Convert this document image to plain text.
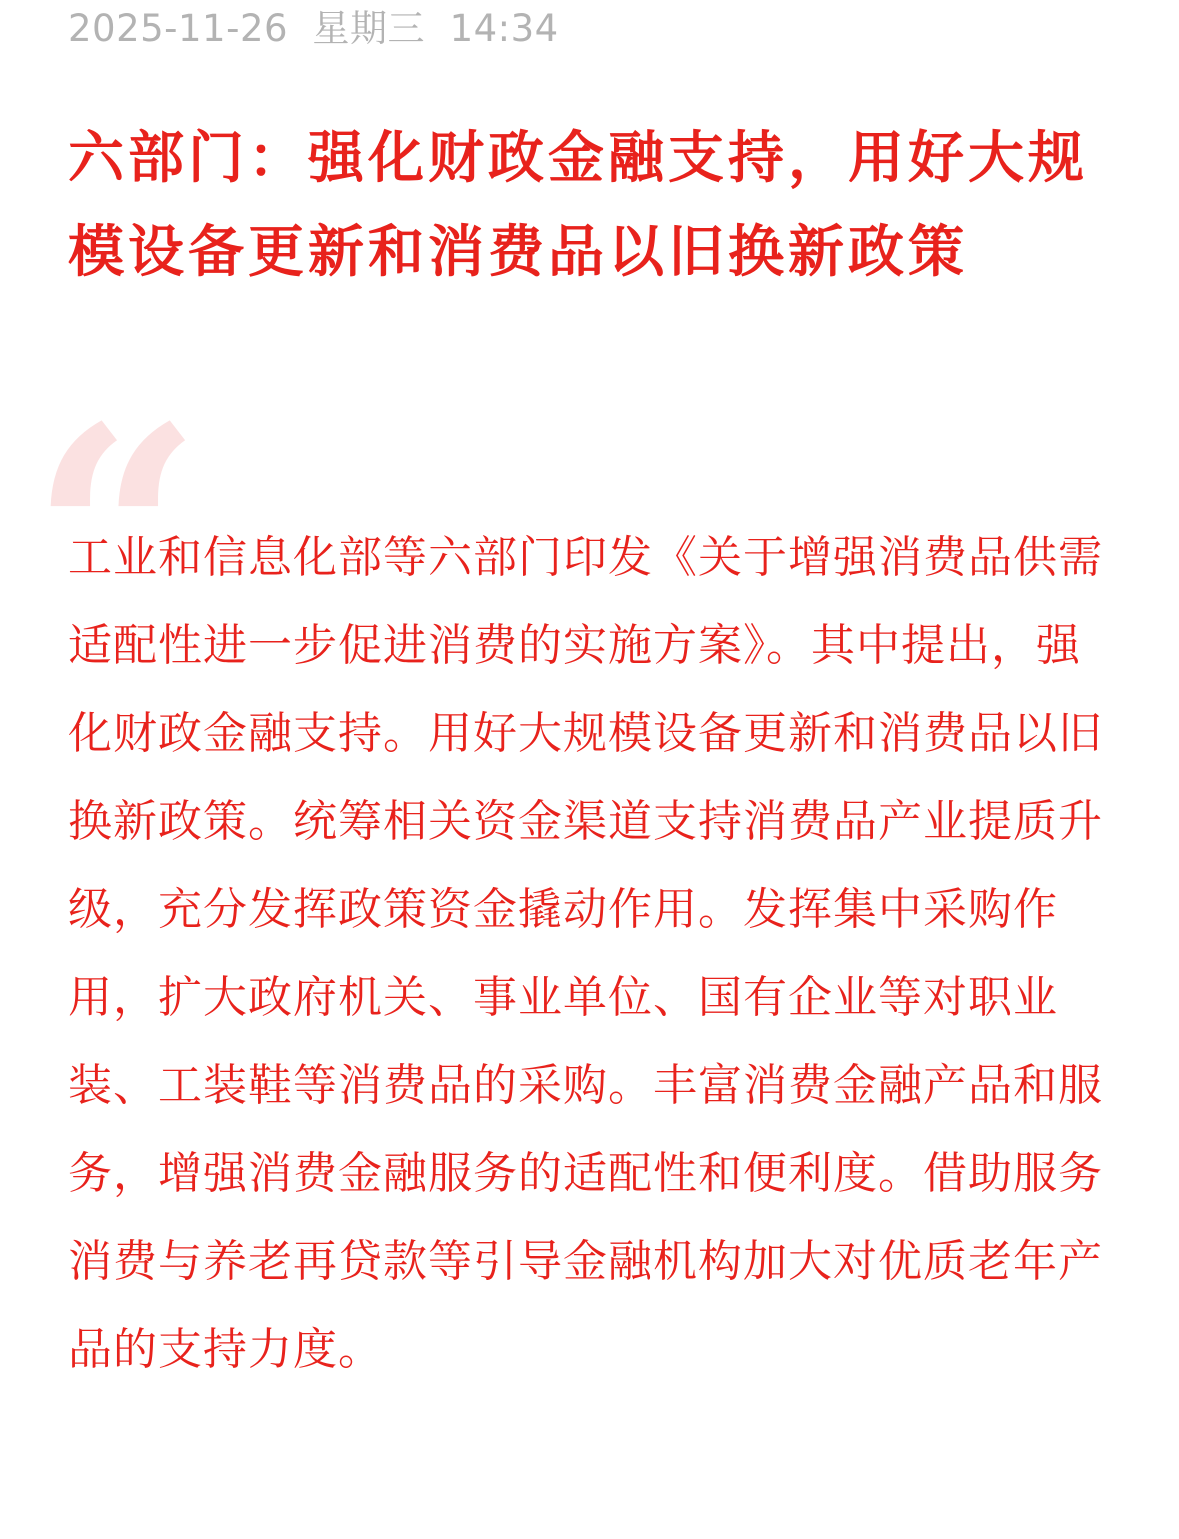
2025-11-26  星期三  14:34
六部门：强化财政金融支持，用好大规模设备更新和消费品以旧换新政策
“

工业和信息化部等六部门印发《关于增强消费品供需适配性进一步促进消费的实施方案》。其中提出，强化财政金融支持。用好大规模设备更新和消费品以旧换新政策。统筹相关资金渠道支持消费品产业提质升级，充分发挥政策资金撬动作用。发挥集中采购作用，扩大政府机关、事业单位、国有企业等对职业装、工装鞋等消费品的采购。丰富消费金融产品和服务，增强消费金融服务的适配性和便利度。借助服务消费与养老再贷款等引导金融机构加大对优质老年产品的支持力度。
